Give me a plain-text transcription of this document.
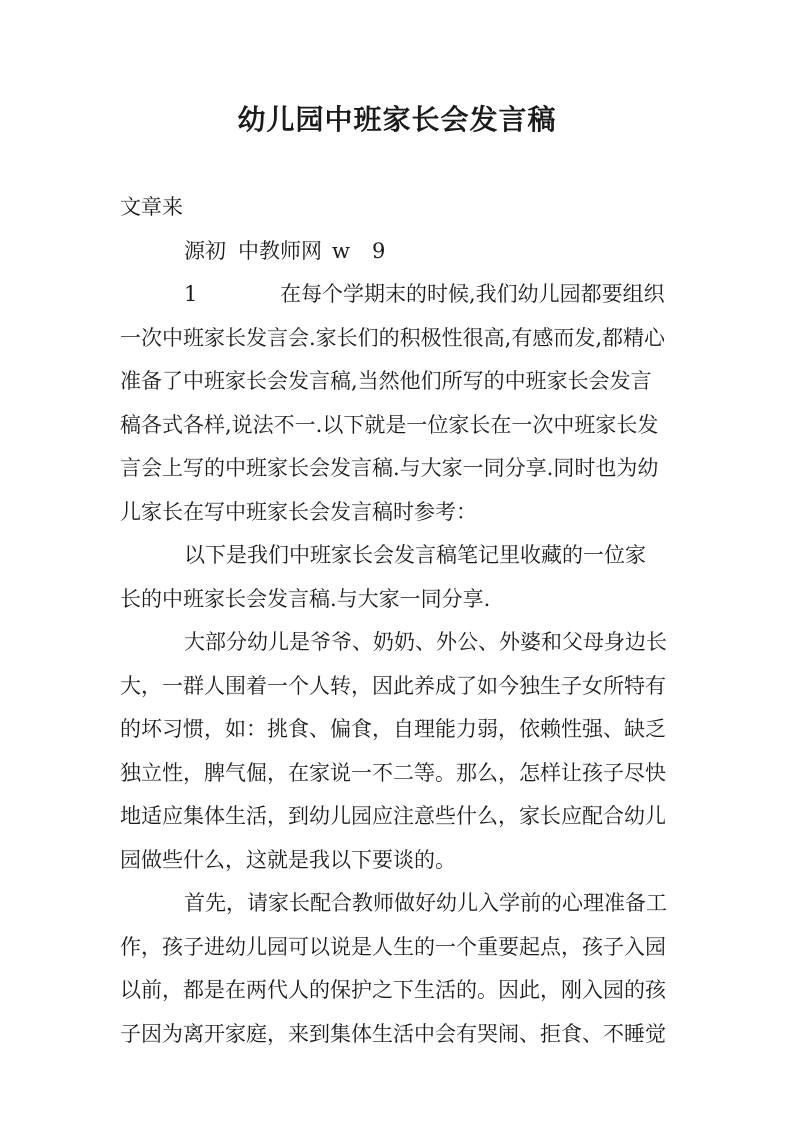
幼儿园中班家长会发言稿
文章来
源初 中教师网 w 9
1	在每个学期末的时候,我们幼儿园都要组织
一次中班家长发言会.家长们的积极性很高,有感而发,都精心
准备了中班家长会发言稿,当然他们所写的中班家长会发言
稿各式各样,说法不一.以下就是一位家长在一次中班家长发
言会上写的中班家长会发言稿.与大家一同分享.同时也为幼
儿家长在写中班家长会发言稿时参考：
以下是我们中班家长会发言稿笔记里收藏的一位家
长的中班家长会发言稿.与大家一同分享.
大部分幼儿是爷爷、奶奶、外公、外婆和父母身边长
大，一群人围着一个人转，因此养成了如今独生子女所特有
的坏习惯，如：挑食、偏食，自理能力弱，依赖性强、缺乏
独立性，脾气倔，在家说一不二等。那么，怎样让孩子尽快
地适应集体生活，到幼儿园应注意些什么，家长应配合幼儿
园做些什么，这就是我以下要谈的。
首先，请家长配合教师做好幼儿入学前的心理准备工
作，孩子进幼儿园可以说是人生的一个重要起点，孩子入园
以前，都是在两代人的保护之下生活的。因此，刚入园的孩
子因为离开家庭，来到集体生活中会有哭闹、拒食、不睡觉
